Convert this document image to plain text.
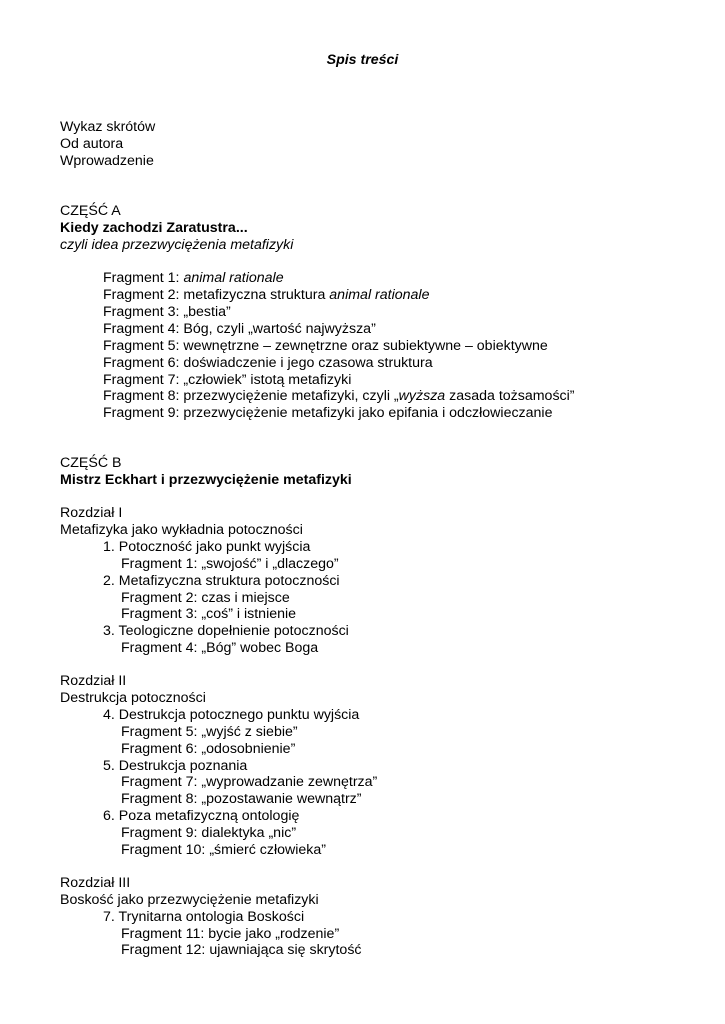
Spis treści
Wykaz skrótów
Od autora
Wprowadzenie
CZĘŚĆ A
Kiedy zachodzi Zaratustra...
czyli idea przezwyciężenia metafizyki
Fragment 1: animal rationale
Fragment 2: metafizyczna struktura animal rationale
Fragment 3: „bestia”
Fragment 4: Bóg, czyli „wartość najwyższa”
Fragment 5: wewnętrzne – zewnętrzne oraz subiektywne – obiektywne
Fragment 6: doświadczenie i jego czasowa struktura
Fragment 7: „człowiek” istotą metafizyki
Fragment 8: przezwyciężenie metafizyki, czyli „wyższa zasada tożsamości”
Fragment 9: przezwyciężenie metafizyki jako epifania i odczłowieczanie
CZĘŚĆ B
Mistrz Eckhart i przezwyciężenie metafizyki
Rozdział I
Metafizyka jako wykładnia potoczności
1. Potoczność jako punkt wyjścia
Fragment 1: „swojość” i „dlaczego”
2. Metafizyczna struktura potoczności
Fragment 2: czas i miejsce
Fragment 3: „coś” i istnienie
3. Teologiczne dopełnienie potoczności
Fragment 4: „Bóg” wobec Boga
Rozdział II
Destrukcja potoczności
4. Destrukcja potocznego punktu wyjścia
Fragment 5: „wyjść z siebie”
Fragment 6: „odosobnienie”
5. Destrukcja poznania
Fragment 7: „wyprowadzanie zewnętrza”
Fragment 8: „pozostawanie wewnątrz”
6. Poza metafizyczną ontologię
Fragment 9: dialektyka „nic”
Fragment 10: „śmierć człowieka”
Rozdział III
Boskość jako przezwyciężenie metafizyki
7. Trynitarna ontologia Boskości
Fragment 11: bycie jako „rodzenie”
Fragment 12: ujawniająca się skrytość
